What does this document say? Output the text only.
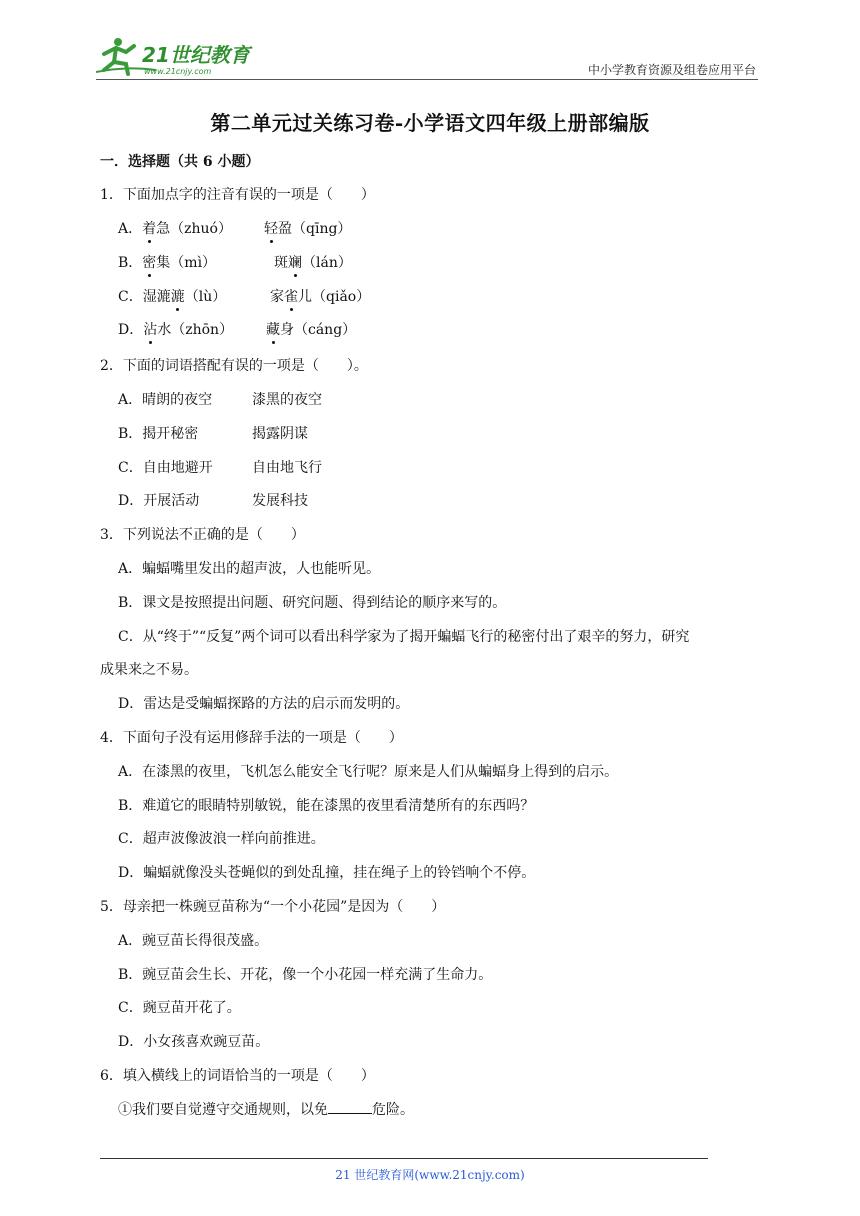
21世纪教育
www.21cnjy.com	中小学教育资源及组卷应用平台
第二单元过关练习卷-小学语文四年级上册部编版
一．选择题（共 6 小题）
1．下面加点字的注音有误的一项是（　　）
A．着急（zhuó） 轻盈（qīng）
B．密集（mì）	斑斓（lán）
C．湿漉漉（lù）	家雀儿（qiǎo）
D．沾水（zhōn） 藏身（cáng）
2．下面的词语搭配有误的一项是（　　）。
A．晴朗的夜空	漆黑的夜空
B．揭开秘密	揭露阴谋
C．自由地避开	自由地飞行
D．开展活动	发展科技
3．下列说法不正确的是（　　）
A．蝙蝠嘴里发出的超声波，人也能听见。
B．课文是按照提出问题、研究问题、得到结论的顺序来写的。
C．从“终于”“反复”两个词可以看出科学家为了揭开蝙蝠飞行的秘密付出了艰辛的努力，研究
成果来之不易。
D．雷达是受蝙蝠探路的方法的启示而发明的。
4．下面句子没有运用修辞手法的一项是（　　）
A．在漆黑的夜里，飞机怎么能安全飞行呢？原来是人们从蝙蝠身上得到的启示。
B．难道它的眼睛特别敏锐，能在漆黑的夜里看清楚所有的东西吗？
C．超声波像波浪一样向前推进。
D．蝙蝠就像没头苍蝇似的到处乱撞，挂在绳子上的铃铛响个不停。
5．母亲把一株豌豆苗称为“一个小花园”是因为（　　）
A．豌豆苗长得很茂盛。
B．豌豆苗会生长、开花，像一个小花园一样充满了生命力。
C．豌豆苗开花了。
D．小女孩喜欢豌豆苗。
6．填入横线上的词语恰当的一项是（　　）
①我们要自觉遵守交通规则，以免	危险。
21 世纪教育网(www.21cnjy.com)
